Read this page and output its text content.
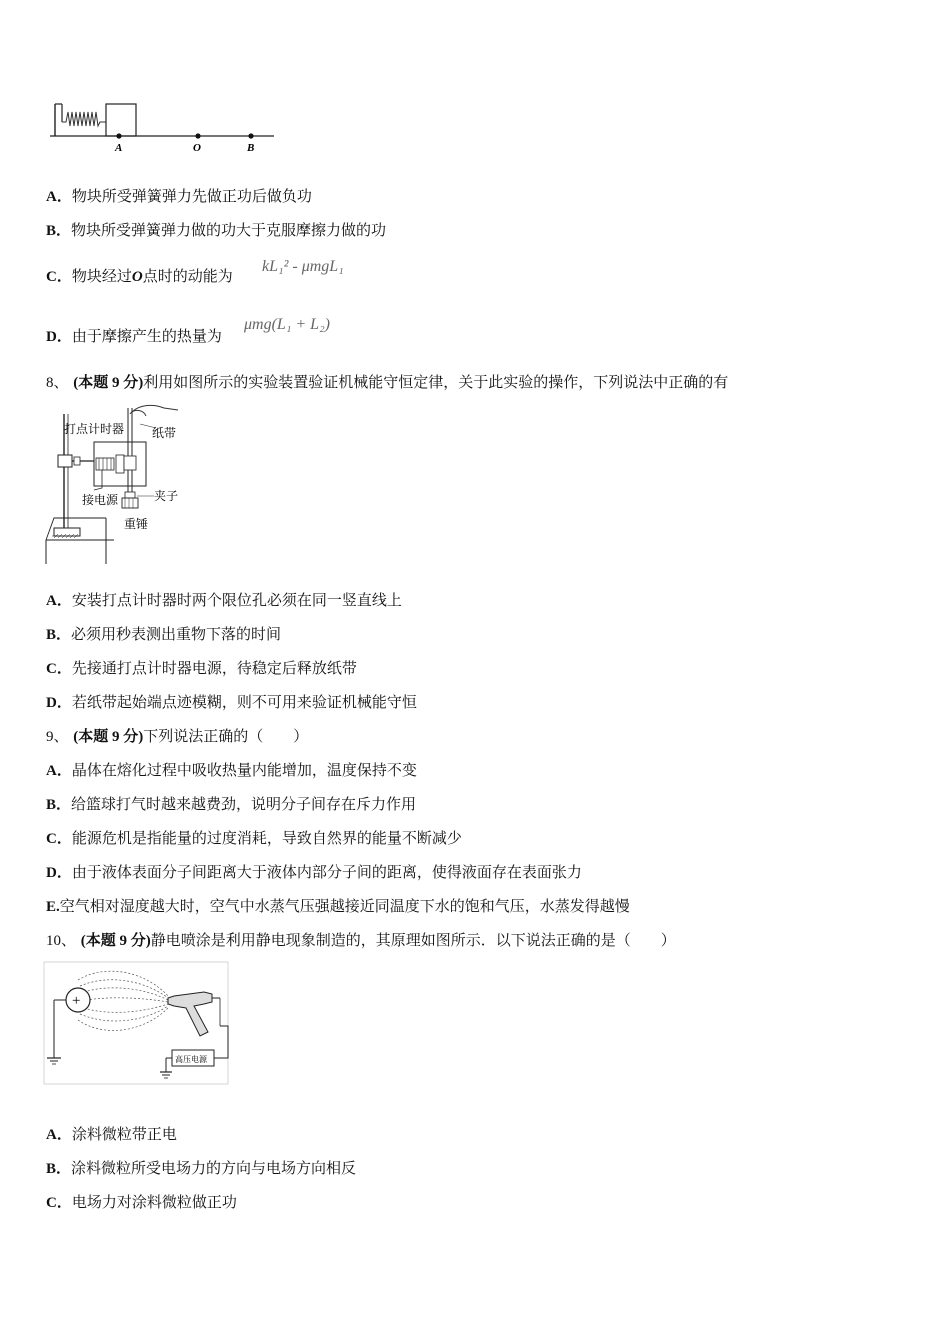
A	O	B
A．物块所受弹簧弹力先做正功后做负功
B．物块所受弹簧弹力做的功大于克服摩擦力做的功
C．物块经过O点时的动能为
kL₁² - μmgL₁
D．由于摩擦产生的热量为
μmg(L₁ + L₂)
8、 (本题 9 分)利用如图所示的实验装置验证机械能守恒定律，关于此实验的操作，下列说法中正确的有
打点计时器 纸带
接电源	夹子
重锤
A．安装打点计时器时两个限位孔必须在同一竖直线上
B．必须用秒表测出重物下落的时间
C．先接通打点计时器电源，待稳定后释放纸带
D．若纸带起始端点迹模糊，则不可用来验证机械能守恒
9、 (本题 9 分)下列说法正确的（　　）
A．晶体在熔化过程中吸收热量内能增加，温度保持不变
B．给篮球打气时越来越费劲，说明分子间存在斥力作用
C．能源危机是指能量的过度消耗，导致自然界的能量不断减少
D．由于液体表面分子间距离大于液体内部分子间的距离，使得液面存在表面张力
E.空气相对湿度越大时，空气中水蒸气压强越接近同温度下水的饱和气压，水蒸发得越慢
10、 (本题 9 分)静电喷涂是利用静电现象制造的，其原理如图所示．以下说法正确的是（　　）
+
高压电源
A．涂料微粒带正电
B．涂料微粒所受电场力的方向与电场方向相反
C．电场力对涂料微粒做正功
